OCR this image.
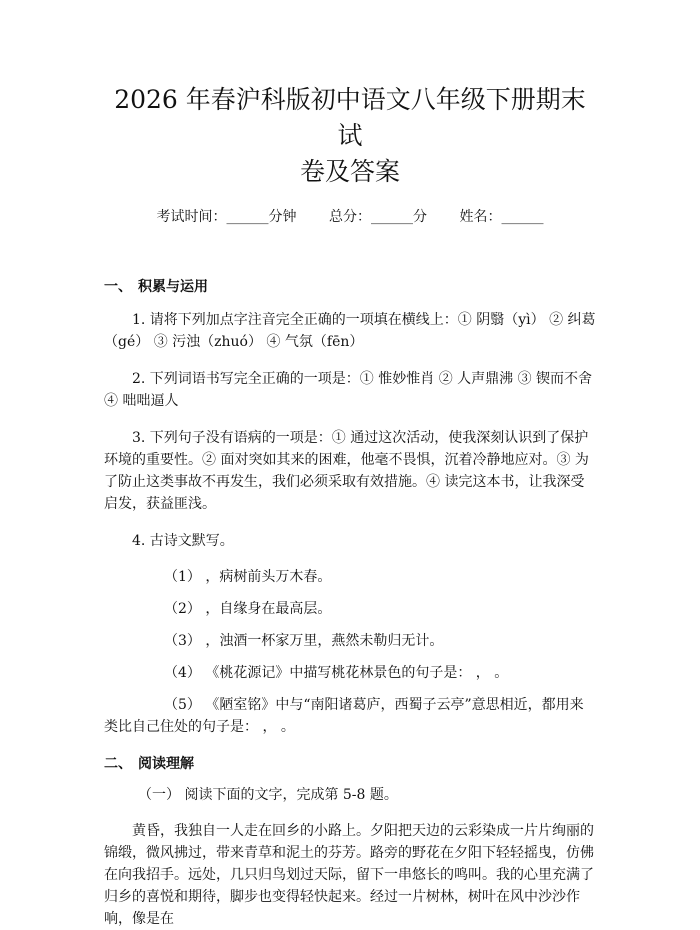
2026 年春沪科版初中语文八年级下册期末试
卷及答案
考试时间：______分钟 总分：______分 姓名：______
一、 积累与运用

1. 请将下列加点字注音完全正确的一项填在横线上：① 阴翳（yì） ② 纠葛（gé） ③ 污浊（zhuó） ④ 气氛（fēn）

2. 下列词语书写完全正确的一项是：① 惟妙惟肖 ② 人声鼎沸 ③ 锲而不舍 ④ 咄咄逼人

3. 下列句子没有语病的一项是：① 通过这次活动，使我深刻认识到了保护环境的重要性。② 面对突如其来的困难，他毫不畏惧，沉着冷静地应对。③ 为了防止这类事故不再发生，我们必须采取有效措施。④ 读完这本书，让我深受启发，获益匪浅。

4. 古诗文默写。

（1） ，病树前头万木春。

（2） ，自缘身在最高层。

（3） ，浊酒一杯家万里，燕然未勒归无计。

（4） 《桃花源记》中描写桃花林景色的句子是： ， 。

（5） 《陋室铭》中与“南阳诸葛庐，西蜀子云亭”意思相近，都用来类比自己住处的句子是： ， 。

二、 阅读理解

（一） 阅读下面的文字，完成第 5-8 题。

黄昏，我独自一人走在回乡的小路上。夕阳把天边的云彩染成一片片绚丽的锦缎，微风拂过，带来青草和泥土的芬芳。路旁的野花在夕阳下轻轻摇曳，仿佛在向我招手。远处，几只归鸟划过天际，留下一串悠长的鸣叫。我的心里充满了归乡的喜悦和期待，脚步也变得轻快起来。经过一片树林，树叶在风中沙沙作响，像是在
